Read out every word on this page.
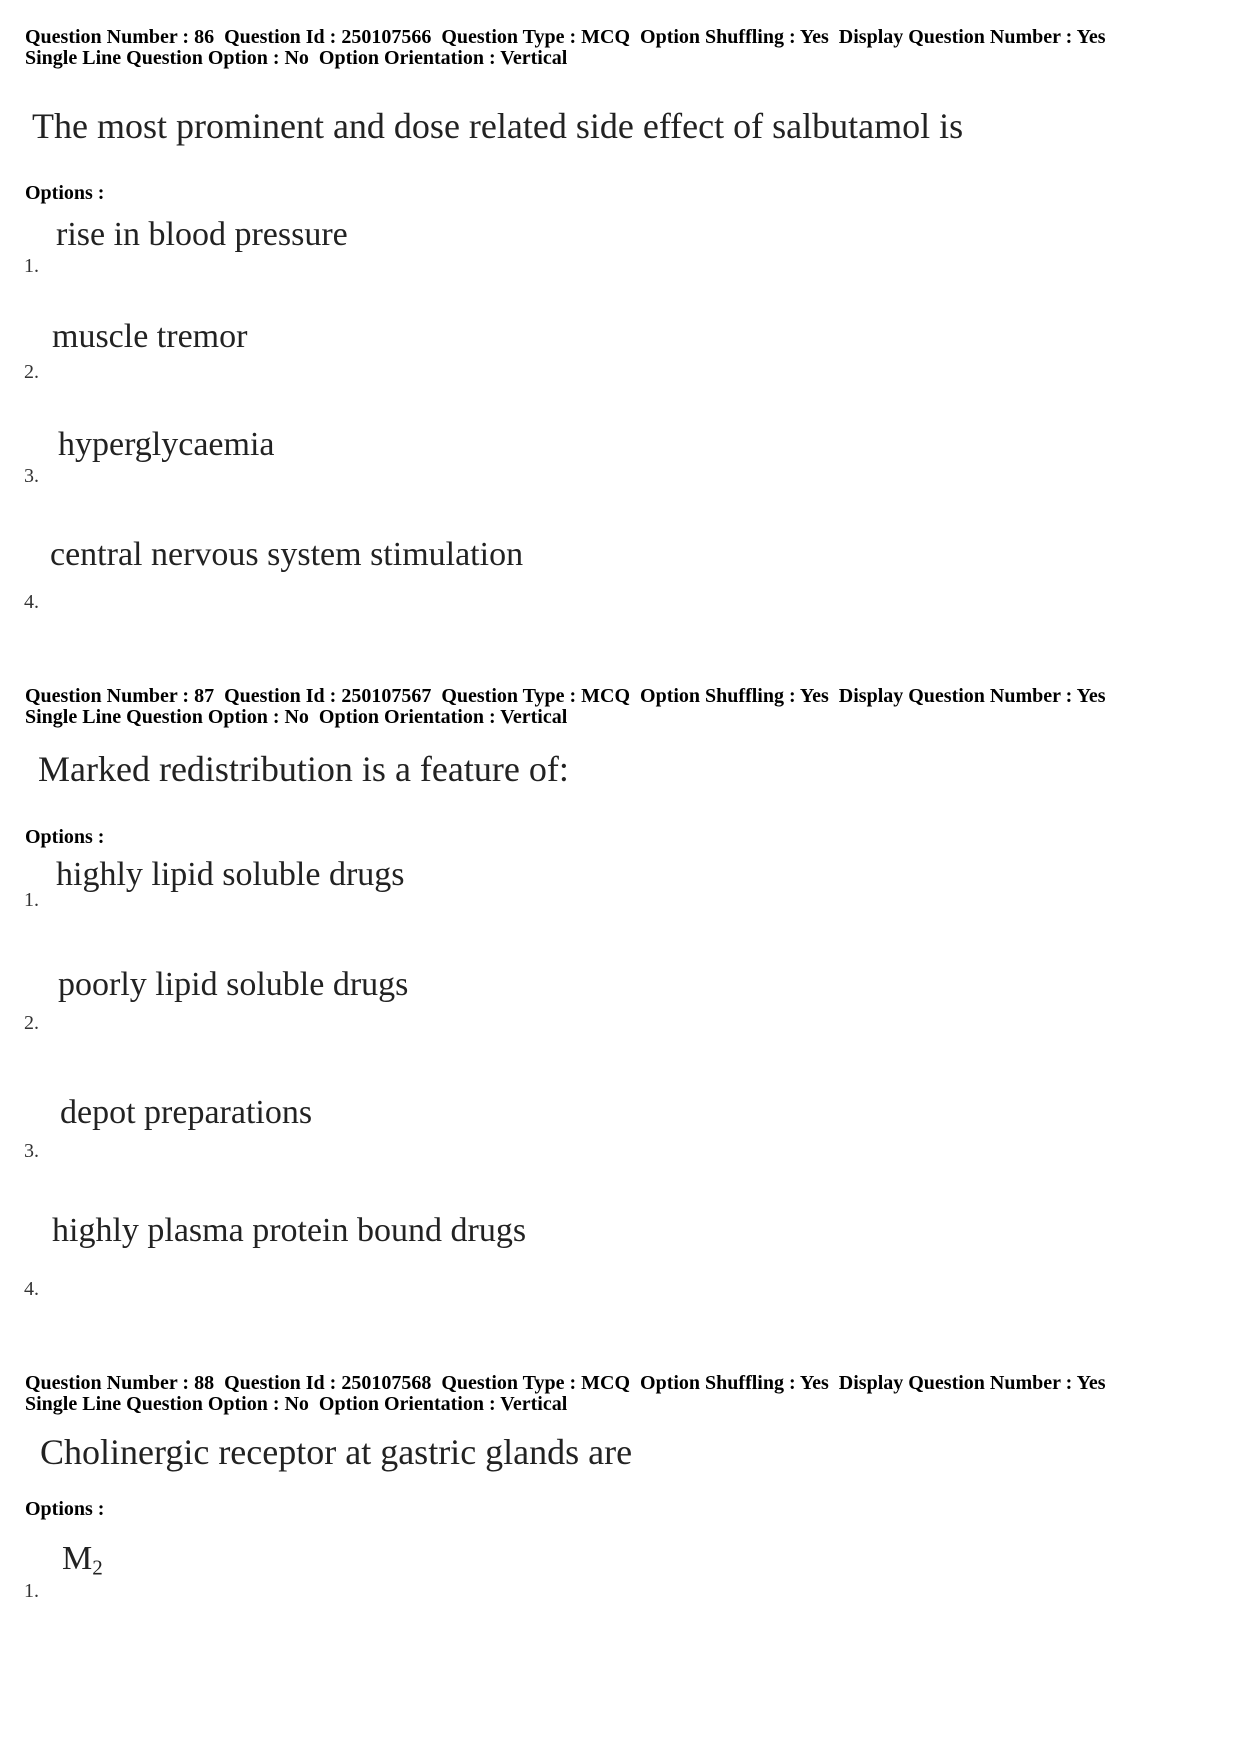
Question Number : 86  Question Id : 250107566  Question Type : MCQ  Option Shuffling : Yes  Display Question Number : Yes

Single Line Question Option : No  Option Orientation : Vertical

The most prominent and dose related side effect of salbutamol is

Options :

rise in blood pressure
1 .
muscle tremor
2 .
hyperglycaemia
3 .
central nervous system stimulation
4 .

Question Number : 87  Question Id : 250107567  Question Type : MCQ  Option Shuffling : Yes  Display Question Number : Yes

Single Line Question Option : No  Option Orientation : Vertical

Marked redistribution is a feature of:

Options :

highly lipid soluble drugs
1 .
poorly lipid soluble drugs
2 .
depot preparations
3 .
highly plasma protein bound drugs
4 .

Question Number : 88  Question Id : 250107568  Question Type : MCQ  Option Shuffling : Yes  Display Question Number : Yes

Single Line Question Option : No  Option Orientation : Vertical

Cholinergic receptor at gastric glands are

Options :

$M_2$
1 .
